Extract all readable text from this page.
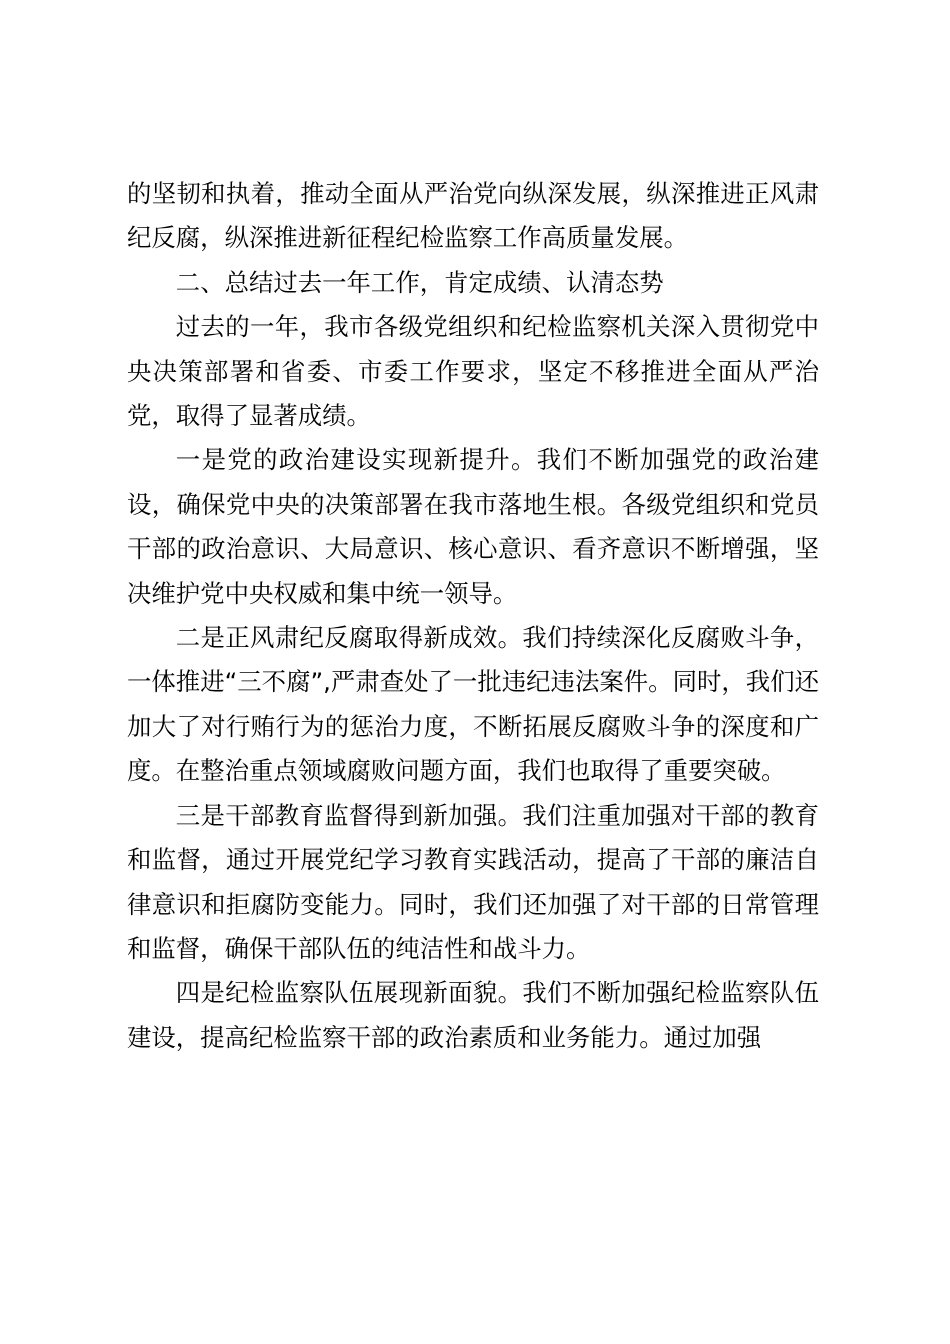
的坚韧和执着，推动全面从严治党向纵深发展，纵深推进正风肃纪反腐，纵深推进新征程纪检监察工作高质量发展。

二、总结过去一年工作，肯定成绩、认清态势

过去的一年，我市各级党组织和纪检监察机关深入贯彻党中央决策部署和省委、市委工作要求，坚定不移推进全面从严治党，取得了显著成绩。

一是党的政治建设实现新提升。我们不断加强党的政治建设，确保党中央的决策部署在我市落地生根。各级党组织和党员干部的政治意识、大局意识、核心意识、看齐意识不断增强，坚决维护党中央权威和集中统一领导。

二是正风肃纪反腐取得新成效。我们持续深化反腐败斗争，一体推进“三不腐”,严肃查处了一批违纪违法案件。同时，我们还加大了对行贿行为的惩治力度，不断拓展反腐败斗争的深度和广度。在整治重点领域腐败问题方面，我们也取得了重要突破。

三是干部教育监督得到新加强。我们注重加强对干部的教育和监督，通过开展党纪学习教育实践活动，提高了干部的廉洁自律意识和拒腐防变能力。同时，我们还加强了对干部的日常管理和监督，确保干部队伍的纯洁性和战斗力。

四是纪检监察队伍展现新面貌。我们不断加强纪检监察队伍建设，提高纪检监察干部的政治素质和业务能力。通过加强
